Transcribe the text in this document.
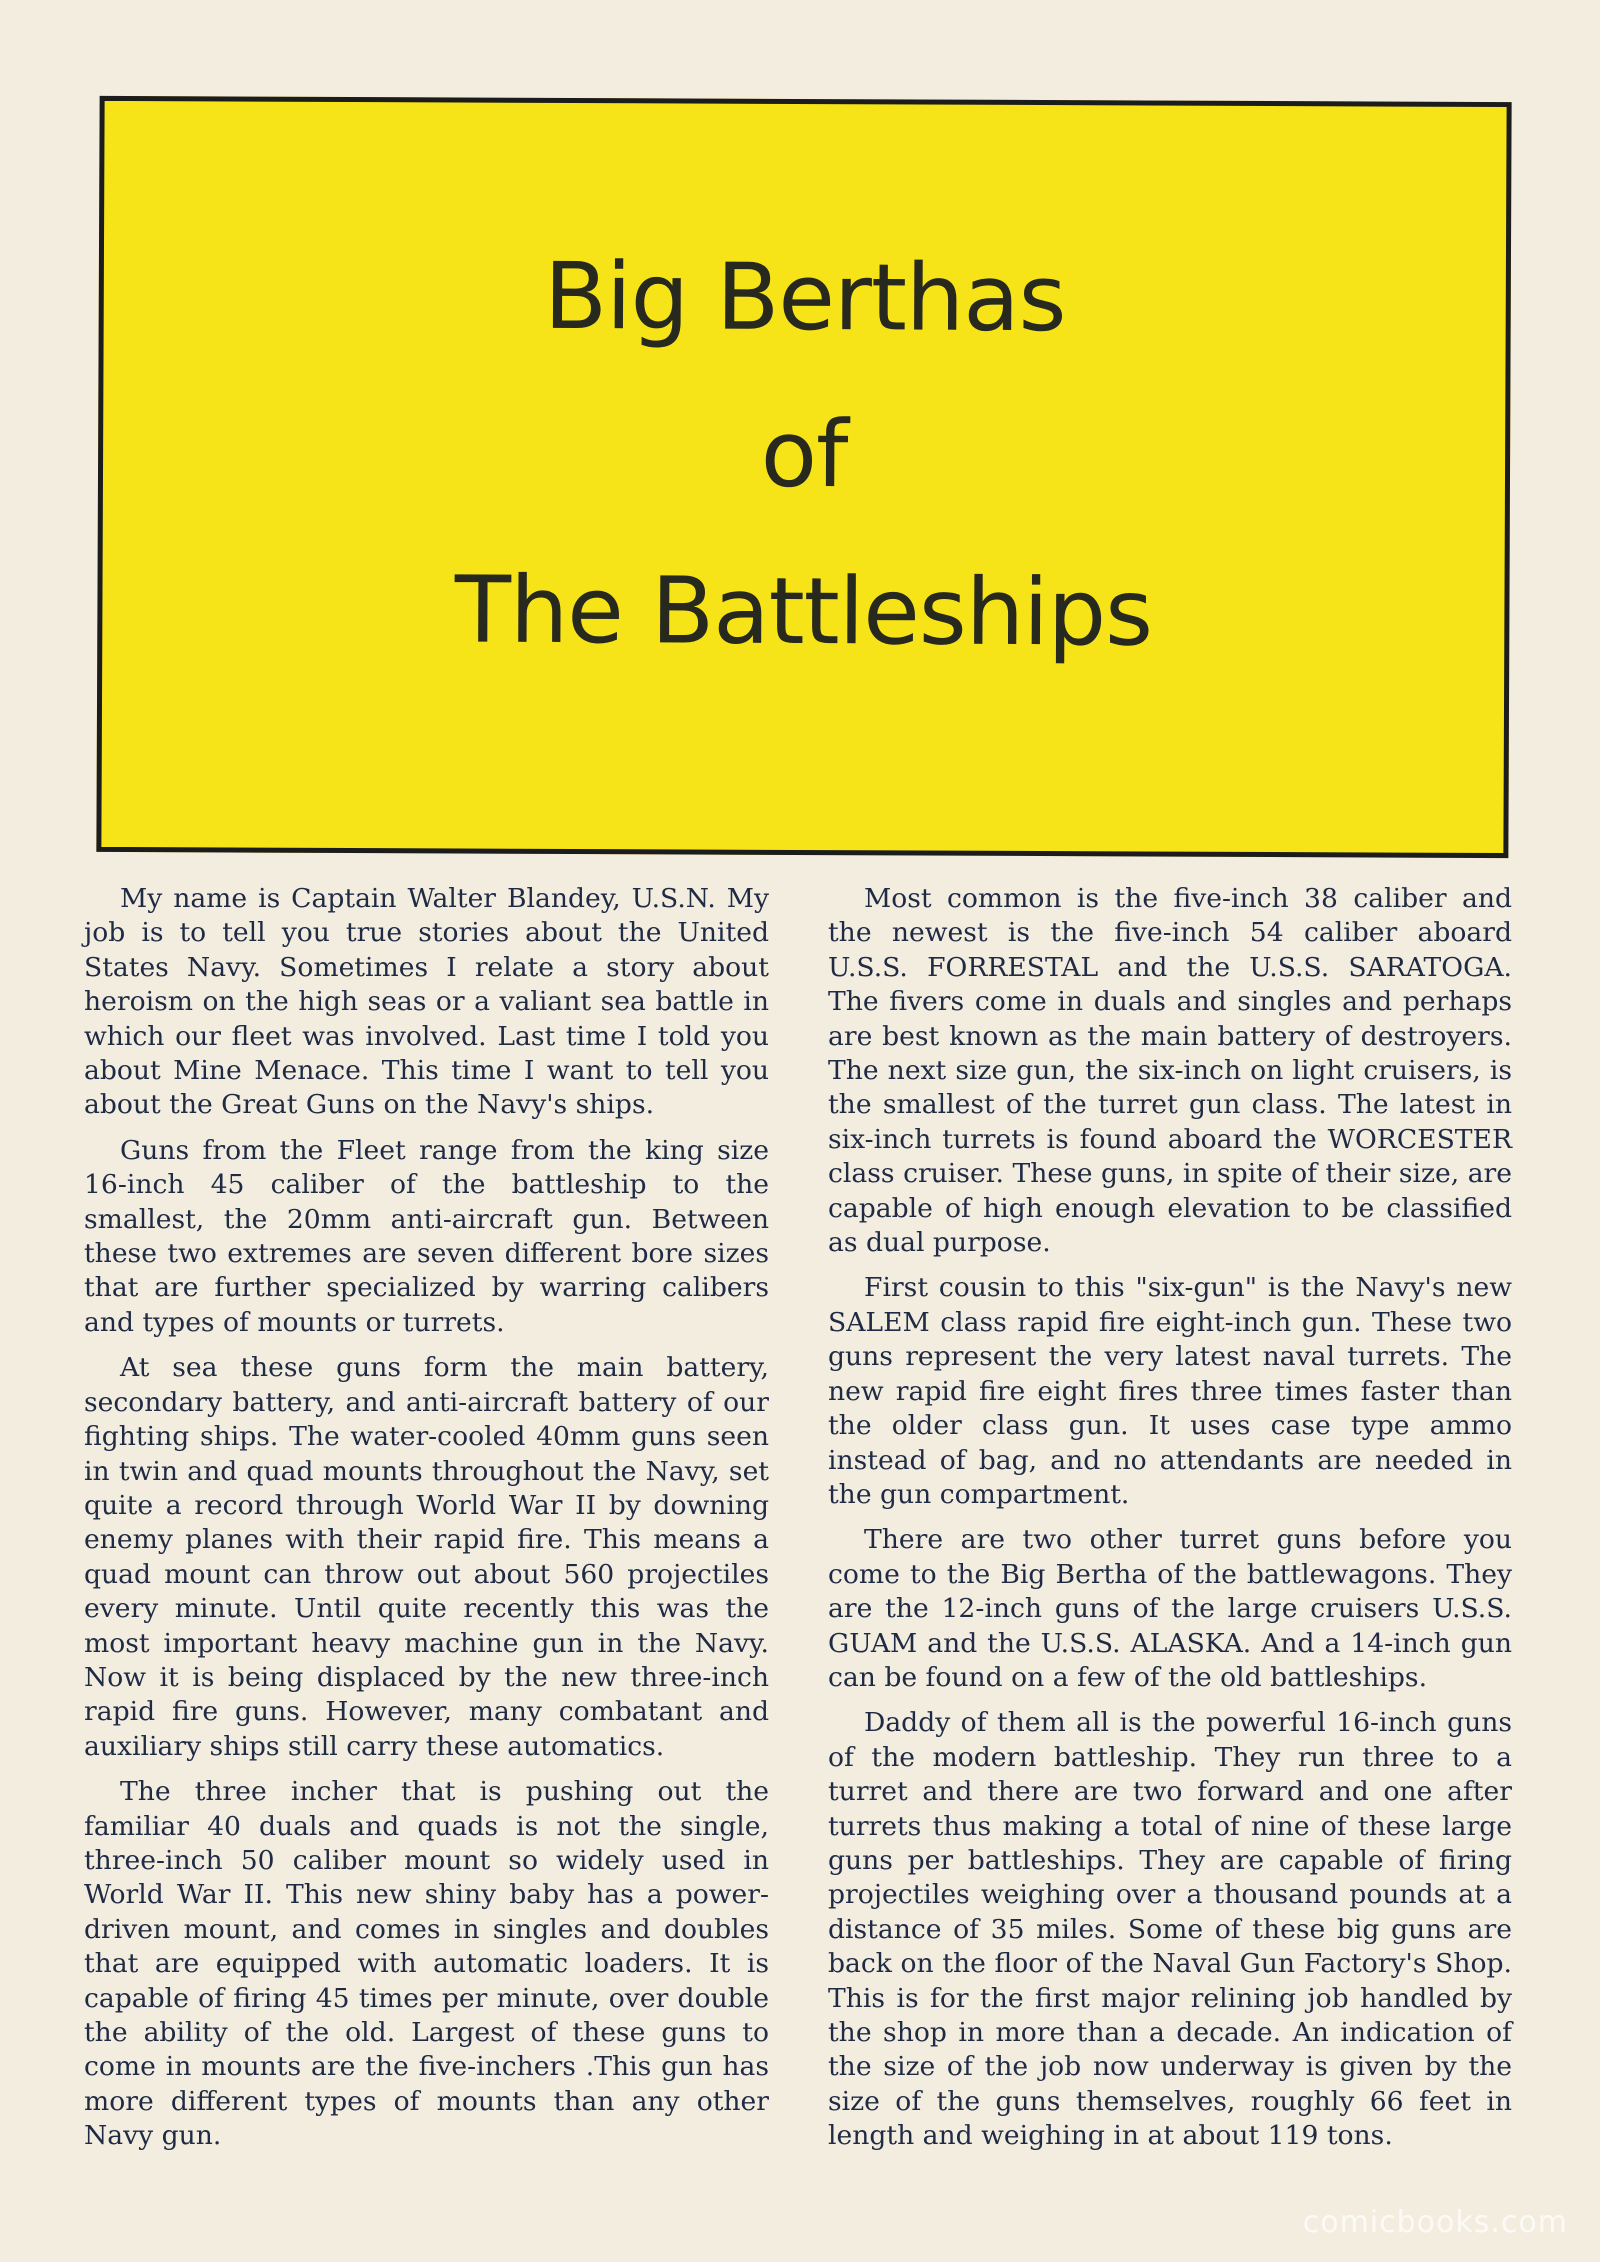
Big Berthas
of
The Battleships

My name is Captain Walter Blandey, U.S.N. My job is to tell you true stories about the United States Navy. Sometimes I relate a story about heroism on the high seas or a valiant sea battle in which our fleet was involved. Last time I told you about Mine Menace. This time I want to tell you about the Great Guns on the Navy's ships.

Guns from the Fleet range from the king size 16-inch 45 caliber of the battleship to the smallest, the 20mm anti-aircraft gun. Between these two extremes are seven different bore sizes that are further specialized by warring calibers and types of mounts or turrets.

At sea these guns form the main battery, secondary battery, and anti-aircraft battery of our fighting ships. The water-cooled 40mm guns seen in twin and quad mounts throughout the Navy, set quite a record through World War II by downing enemy planes with their rapid fire. This means a quad mount can throw out about 560 projectiles every minute. Until quite recently this was the most important heavy machine gun in the Navy. Now it is being displaced by the new three-inch rapid fire guns. However, many combatant and auxiliary ships still carry these automatics.

The three incher that is pushing out the familiar 40 duals and quads is not the single, three-inch 50 caliber mount so widely used in World War II. This new shiny baby has a power-driven mount, and comes in singles and doubles that are equipped with automatic loaders. It is capable of firing 45 times per minute, over double the ability of the old. Largest of these guns to come in mounts are the five-inchers .This gun has more different types of mounts than any other Navy gun.

Most common is the five-inch 38 caliber and the newest is the five-inch 54 caliber aboard U.S.S. FORRESTAL and the U.S.S. SARATOGA. The fivers come in duals and singles and perhaps are best known as the main battery of destroyers. The next size gun, the six-inch on light cruisers, is the smallest of the turret gun class. The latest in six-inch turrets is found aboard the WORCESTER class cruiser. These guns, in spite of their size, are capable of high enough elevation to be classified as dual purpose.

First cousin to this "six-gun" is the Navy's new SALEM class rapid fire eight-inch gun. These two guns represent the very latest naval turrets. The new rapid fire eight fires three times faster than the older class gun. It uses case type ammo instead of bag, and no attendants are needed in the gun compartment.

There are two other turret guns before you come to the Big Bertha of the battlewagons. They are the 12-inch guns of the large cruisers U.S.S. GUAM and the U.S.S. ALASKA. And a 14-inch gun can be found on a few of the old battleships.

Daddy of them all is the powerful 16-inch guns of the modern battleship. They run three to a turret and there are two forward and one after turrets thus making a total of nine of these large guns per battleships. They are capable of firing projectiles weighing over a thousand pounds at a distance of 35 miles. Some of these big guns are back on the floor of the Naval Gun Factory's Shop. This is for the first major relining job handled by the shop in more than a decade. An indication of the size of the job now underway is given by the size of the guns themselves, roughly 66 feet in length and weighing in at about 119 tons.

comicbooks.com
